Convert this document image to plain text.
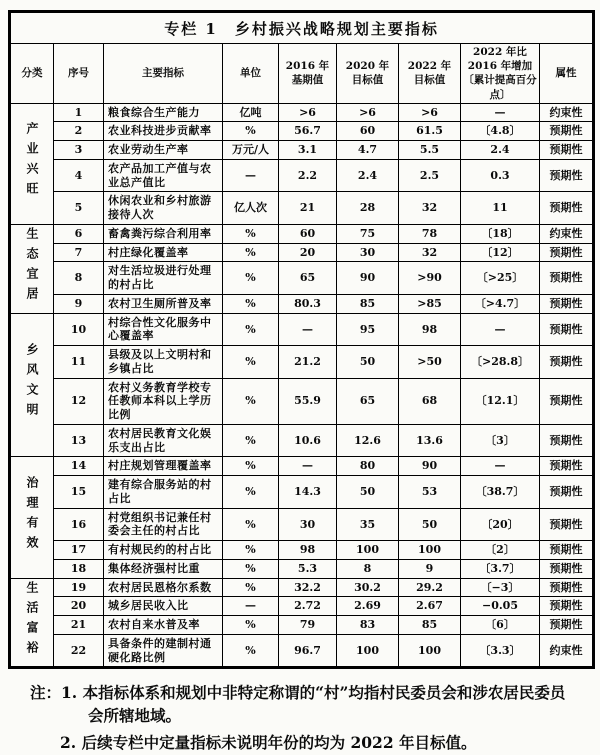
专栏 1　乡村振兴战略规划主要指标								
分类	序号	主要指标	单位	2016 年 基期值	2020 年 目标值	2022 年 目标值	2022 年比 2016 年增加〔累计提高百分点〕	属性
产业兴旺	1	粮食综合生产能力	亿吨	>6	>6	>6	—	约束性
	2	农业科技进步贡献率	%	56.7	60	61.5	〔4.8〕	预期性
	3	农业劳动生产率	万元/人	3.1	4.7	5.5	2.4	预期性
	4	农产品加工产值与农业总产值比	—	2.2	2.4	2.5	0.3	预期性
	5	休闲农业和乡村旅游接待人次	亿人次	21	28	32	11	预期性
生态宜居	6	畜禽粪污综合利用率	%	60	75	78	〔18〕	约束性
	7	村庄绿化覆盖率	%	20	30	32	〔12〕	预期性
	8	对生活垃圾进行处理的村占比	%	65	90	>90	〔>25〕	预期性
	9	农村卫生厕所普及率	%	80.3	85	>85	〔>4.7〕	预期性
乡风文明	10	村综合性文化服务中心覆盖率	%	—	95	98	—	预期性
	11	县级及以上文明村和乡镇占比	%	21.2	50	>50	〔>28.8〕	预期性
	12	农村义务教育学校专任教师本科以上学历比例	%	55.9	65	68	〔12.1〕	预期性
	13	农村居民教育文化娱乐支出占比	%	10.6	12.6	13.6	〔3〕	预期性
治理有效	14	村庄规划管理覆盖率	%	—	80	90	—	预期性
	15	建有综合服务站的村占比	%	14.3	50	53	〔38.7〕	预期性
	16	村党组织书记兼任村委会主任的村占比	%	30	35	50	〔20〕	预期性
	17	有村规民约的村占比	%	98	100	100	〔2〕	预期性
	18	集体经济强村比重	%	5.3	8	9	〔3.7〕	预期性
生活富裕	19	农村居民恩格尔系数	%	32.2	30.2	29.2	〔−3〕	预期性
	20	城乡居民收入比	—	2.72	2.69	2.67	−0.05	预期性
	21	农村自来水普及率	%	79	83	85	〔6〕	预期性
	22	具备条件的建制村通硬化路比例	%	96.7	100	100	〔3.3〕	约束性

注：1. 本指标体系和规划中非特定称谓的“村”均指村民委员会和涉农居民委员会所辖地域。

2. 后续专栏中定量指标未说明年份的均为 2022 年目标值。
